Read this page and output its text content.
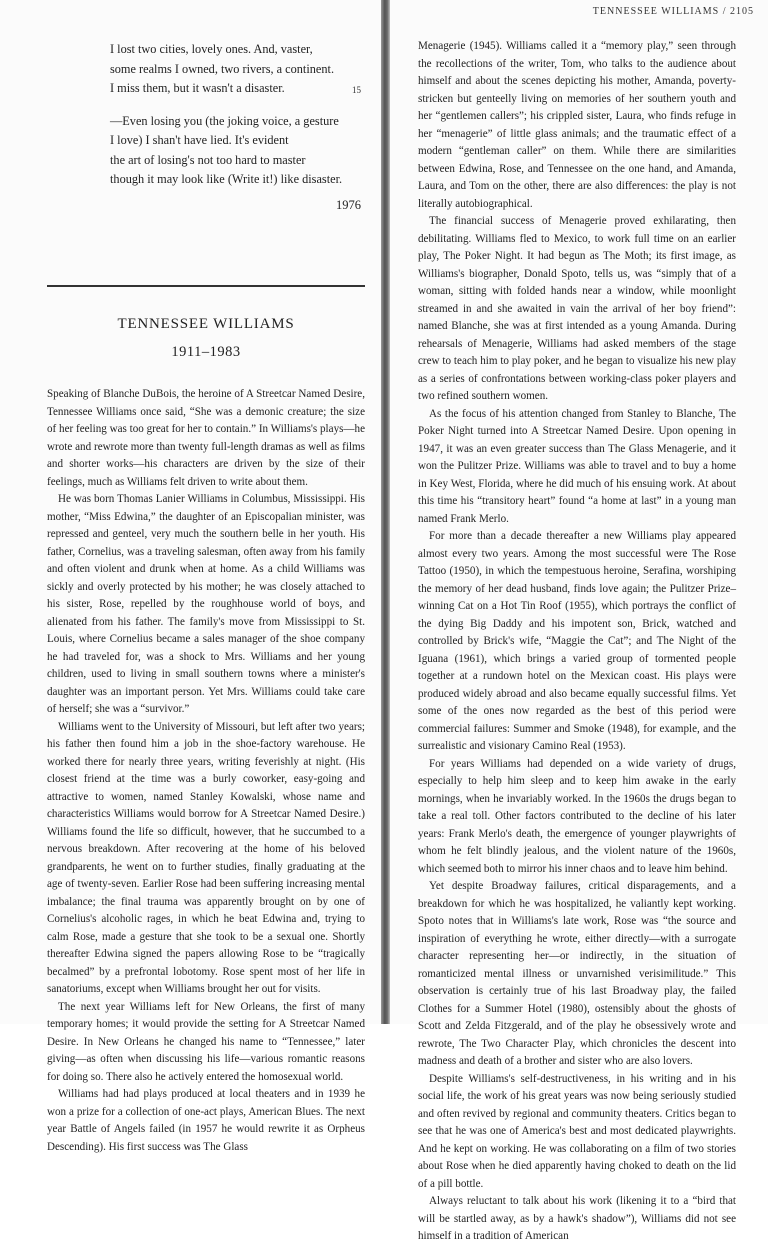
I lost two cities, lovely ones. And, vaster,
some realms I owned, two rivers, a continent.
I miss them, but it wasn't a disaster.
—Even losing you (the joking voice, a gesture
I love) I shan't have lied. It's evident
the art of losing's not too hard to master
though it may look like (Write it!) like disaster.
15
1976
TENNESSEE WILLIAMS
1911–1983

Speaking of Blanche DuBois, the heroine of A Streetcar Named Desire, Tennessee Williams once said, “She was a demonic creature; the size of her feeling was too great for her to contain.” In Williams's plays—he wrote and rewrote more than twenty full-length dramas as well as films and shorter works—his characters are driven by the size of their feelings, much as Williams felt driven to write about them.

He was born Thomas Lanier Williams in Columbus, Mississippi. His mother, “Miss Edwina,” the daughter of an Episcopalian minister, was repressed and genteel, very much the southern belle in her youth. His father, Cornelius, was a traveling salesman, often away from his family and often violent and drunk when at home. As a child Williams was sickly and overly protected by his mother; he was closely attached to his sister, Rose, repelled by the roughhouse world of boys, and alienated from his father. The family's move from Mississippi to St. Louis, where Cornelius became a sales manager of the shoe company he had traveled for, was a shock to Mrs. Williams and her young children, used to living in small southern towns where a minister's daughter was an important person. Yet Mrs. Williams could take care of herself; she was a “survivor.”

Williams went to the University of Missouri, but left after two years; his father then found him a job in the shoe-factory warehouse. He worked there for nearly three years, writing feverishly at night. (His closest friend at the time was a burly coworker, easy-going and attractive to women, named Stanley Kowalski, whose name and characteristics Williams would borrow for A Streetcar Named Desire.) Williams found the life so difficult, however, that he succumbed to a nervous breakdown. After recovering at the home of his beloved grandparents, he went on to further studies, finally graduating at the age of twenty-seven. Earlier Rose had been suffering increasing mental imbalance; the final trauma was apparently brought on by one of Cornelius's alcoholic rages, in which he beat Edwina and, trying to calm Rose, made a gesture that she took to be a sexual one. Shortly thereafter Edwina signed the papers allowing Rose to be “tragically becalmed” by a prefrontal lobotomy. Rose spent most of her life in sanatoriums, except when Williams brought her out for visits.

The next year Williams left for New Orleans, the first of many temporary homes; it would provide the setting for A Streetcar Named Desire. In New Orleans he changed his name to “Tennessee,” later giving—as often when discussing his life—various romantic reasons for doing so. There also he actively entered the homosexual world.

Williams had had plays produced at local theaters and in 1939 he won a prize for a collection of one-act plays, American Blues. The next year Battle of Angels failed (in 1957 he would rewrite it as Orpheus Descending). His first success was The Glass

TENNESSEE WILLIAMS / 2105

Menagerie (1945). Williams called it a “memory play,” seen through the recollections of the writer, Tom, who talks to the audience about himself and about the scenes depicting his mother, Amanda, poverty-stricken but genteelly living on memories of her southern youth and her “gentlemen callers”; his crippled sister, Laura, who finds refuge in her “menagerie” of little glass animals; and the traumatic effect of a modern “gentleman caller” on them. While there are similarities between Edwina, Rose, and Tennessee on the one hand, and Amanda, Laura, and Tom on the other, there are also differences: the play is not literally autobiographical.

The financial success of Menagerie proved exhilarating, then debilitating. Williams fled to Mexico, to work full time on an earlier play, The Poker Night. It had begun as The Moth; its first image, as Williams's biographer, Donald Spoto, tells us, was “simply that of a woman, sitting with folded hands near a window, while moonlight streamed in and she awaited in vain the arrival of her boy friend”: named Blanche, she was at first intended as a young Amanda. During rehearsals of Menagerie, Williams had asked members of the stage crew to teach him to play poker, and he began to visualize his new play as a series of confrontations between working-class poker players and two refined southern women.

As the focus of his attention changed from Stanley to Blanche, The Poker Night turned into A Streetcar Named Desire. Upon opening in 1947, it was an even greater success than The Glass Menagerie, and it won the Pulitzer Prize. Williams was able to travel and to buy a home in Key West, Florida, where he did much of his ensuing work. At about this time his “transitory heart” found “a home at last” in a young man named Frank Merlo.

For more than a decade thereafter a new Williams play appeared almost every two years. Among the most successful were The Rose Tattoo (1950), in which the tempestuous heroine, Serafina, worshiping the memory of her dead husband, finds love again; the Pulitzer Prize–winning Cat on a Hot Tin Roof (1955), which portrays the conflict of the dying Big Daddy and his impotent son, Brick, watched and controlled by Brick's wife, “Maggie the Cat”; and The Night of the Iguana (1961), which brings a varied group of tormented people together at a rundown hotel on the Mexican coast. His plays were produced widely abroad and also became equally successful films. Yet some of the ones now regarded as the best of this period were commercial failures: Summer and Smoke (1948), for example, and the surrealistic and visionary Camino Real (1953).

For years Williams had depended on a wide variety of drugs, especially to help him sleep and to keep him awake in the early mornings, when he invariably worked. In the 1960s the drugs began to take a real toll. Other factors contributed to the decline of his later years: Frank Merlo's death, the emergence of younger playwrights of whom he felt blindly jealous, and the violent nature of the 1960s, which seemed both to mirror his inner chaos and to leave him behind.

Yet despite Broadway failures, critical disparagements, and a breakdown for which he was hospitalized, he valiantly kept working. Spoto notes that in Williams's late work, Rose was “the source and inspiration of everything he wrote, either directly—with a surrogate character representing her—or indirectly, in the situation of romanticized mental illness or unvarnished verisimilitude.” This observation is certainly true of his last Broadway play, the failed Clothes for a Summer Hotel (1980), ostensibly about the ghosts of Scott and Zelda Fitzgerald, and of the play he obsessively wrote and rewrote, The Two Character Play, which chronicles the descent into madness and death of a brother and sister who are also lovers.

Despite Williams's self-destructiveness, in his writing and in his social life, the work of his great years was now being seriously studied and often revived by regional and community theaters. Critics began to see that he was one of America's best and most dedicated playwrights. And he kept on working. He was collaborating on a film of two stories about Rose when he died apparently having choked to death on the lid of a pill bottle.

Always reluctant to talk about his work (likening it to a “bird that will be startled away, as by a hawk's shadow”), Williams did not see himself in a tradition of American
